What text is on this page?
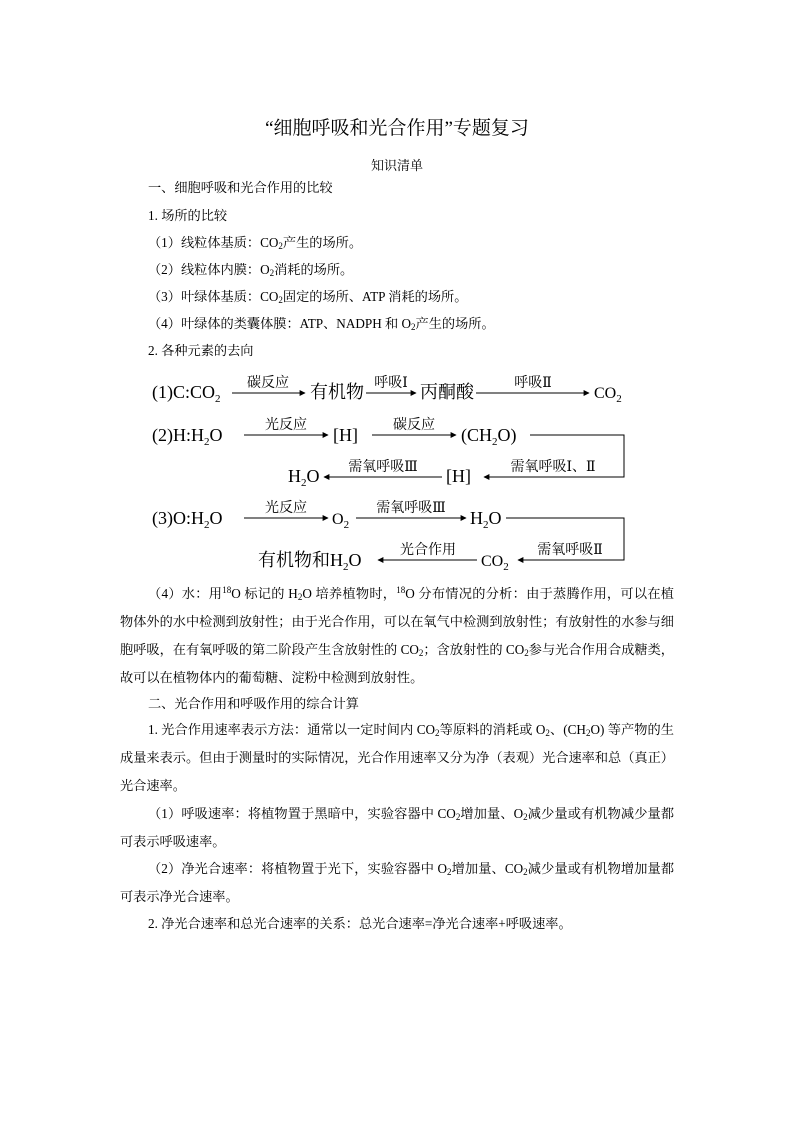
“细胞呼吸和光合作用”专题复习
知识清单
一、细胞呼吸和光合作用的比较
1. 场所的比较
（1）线粒体基质：$CO_2$产生的场所。
（2）线粒体内膜：$O_2$消耗的场所。
（3）叶绿体基质：$CO_2$固定的场所、ATP 消耗的场所。
（4）叶绿体的类囊体膜：ATP、NADPH 和 $O_2$产生的场所。
2. 各种元素的去向
$(1)C:CO_2$
碳反应 有机物 呼吸Ⅰ 丙酮酸	呼吸Ⅱ
$CO_2$
$(2)H:H_2O$	光反应 [H]	碳反应 $(CH_2O)$
需氧呼吸Ⅰ、Ⅱ
[H]
需氧呼吸Ⅲ
$H_2O$
$(3)O:H_2O$	光反应
$O_2$
需氧呼吸Ⅲ $H_2O$
需氧呼吸Ⅱ
$CO_2$
光合作用
有机物和$H_2O$
（4）水：用$^{18}$O 标记的 $H_2O$ 培养植物时，$^{18}$O 分布情况的分析：由于蒸腾作用，可以在植物体外的水中检测到放射性；由于光合作用，可以在氧气中检测到放射性；有放射性的水参与细胞呼吸，在有氧呼吸的第二阶段产生含放射性的 $CO_2$；含放射性的 $CO_2$参与光合作用合成糖类，故可以在植物体内的葡萄糖、淀粉中检测到放射性。
二、光合作用和呼吸作用的综合计算
1. 光合作用速率表示方法：通常以一定时间内 $CO_2$等原料的消耗或 $O_2$、$(CH_2O)$ 等产物的生成量来表示。但由于测量时的实际情况，光合作用速率又分为净（表观）光合速率和总（真正）光合速率。
（1）呼吸速率：将植物置于黑暗中，实验容器中 $CO_2$增加量、$O_2$减少量或有机物减少量都可表示呼吸速率。
（2）净光合速率：将植物置于光下，实验容器中 $O_2$增加量、$CO_2$减少量或有机物增加量都可表示净光合速率。
2. 净光合速率和总光合速率的关系：总光合速率=净光合速率+呼吸速率。
